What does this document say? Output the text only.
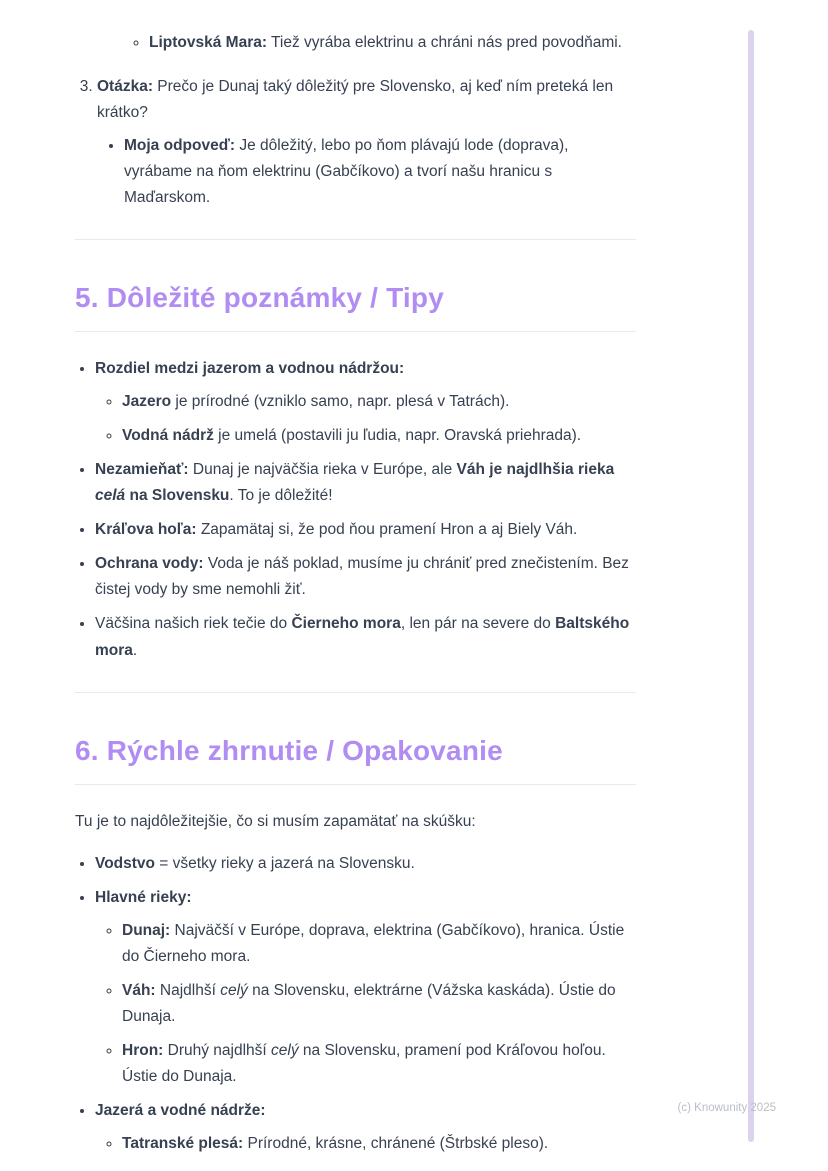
◦ Liptovská Mara: Tiež vyrába elektrinu a chráni nás pred povodňami.
3. Otázka: Prečo je Dunaj taký dôležitý pre Slovensko, aj keď ním preteká len krátko?
• Moja odpoveď: Je dôležitý, lebo po ňom plávajú lode (doprava), vyrábame na ňom elektrinu (Gabčíkovo) a tvorí našu hranicu s Maďarskom.
5. Dôležité poznámky / Tipy
• Rozdiel medzi jazerom a vodnou nádržou:
◦ Jazero je prírodné (vzniklo samo, napr. plesá v Tatrách).
◦ Vodná nádrž je umelá (postavili ju ľudia, napr. Oravská priehrada).
• Nezamieňať: Dunaj je najväčšia rieka v Európe, ale Váh je najdlhšia rieka celá na Slovensku. To je dôležité!
• Kráľova hoľa: Zapamätaj si, že pod ňou pramení Hron a aj Biely Váh.
• Ochrana vody: Voda je náš poklad, musíme ju chrániť pred znečistením. Bez čistej vody by sme nemohli žiť.
• Väčšina našich riek tečie do Čierneho mora, len pár na severe do Baltského mora.
6. Rýchle zhrnutie / Opakovanie

Tu je to najdôležitejšie, čo si musím zapamätať na skúšku:

• Vodstvo = všetky rieky a jazerá na Slovensku.
• Hlavné rieky:
◦ Dunaj: Najväčší v Európe, doprava, elektrina (Gabčíkovo), hranica. Ústie do Čierneho mora.
◦ Váh: Najdlhší celý na Slovensku, elektrárne (Vážska kaskáda). Ústie do Dunaja.
◦ Hron: Druhý najdlhší celý na Slovensku, pramení pod Kráľovou hoľou. Ústie do Dunaja.
• Jazerá a vodné nádrže:
◦ Tatranské plesá: Prírodné, krásne, chránené (Štrbské pleso).
(c) Knowunity 2025
